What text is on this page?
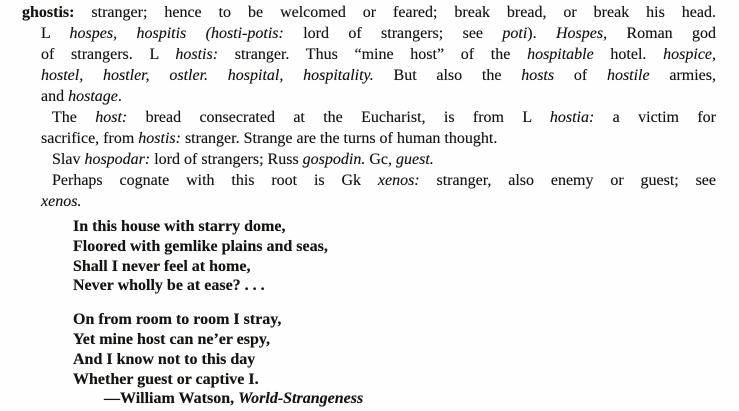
ghostis: stranger; hence to be welcomed or feared; break bread, or break his head.
L hospes, hospitis (hosti-potis: lord of strangers; see poti). Hospes, Roman god
of strangers. L hostis: stranger. Thus “mine host” of the hospitable hotel. hospice,
hostel, hostler, ostler. hospital, hospitality. But also the hosts of hostile armies,
and hostage.
The host: bread consecrated at the Eucharist, is from L hostia: a victim for
sacrifice, from hostis: stranger. Strange are the turns of human thought.
Slav hospodar: lord of strangers; Russ gospodin. Gc, guest.
Perhaps cognate with this root is Gk xenos: stranger, also enemy or guest; see
xenos.
In this house with starry dome,
Floored with gemlike plains and seas,
Shall I never feel at home,
Never wholly be at ease? . . .
On from room to room I stray,
Yet mine host can ne’er espy,
And I know not to this day
Whether guest or captive I.
—William Watson, World-Strangeness
